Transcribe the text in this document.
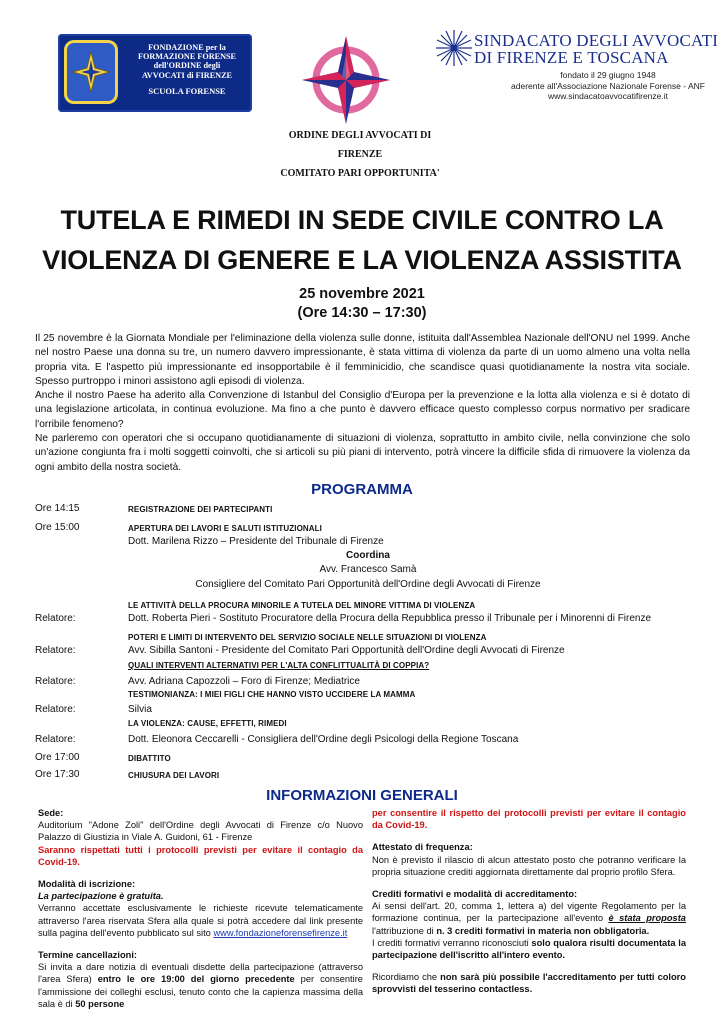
FONDAZIONE per la
FORMAZIONE FORENSE
dell'ORDINE degli
AVVOCATI di FIRENZE
SCUOLA FORENSE
SINDACATO DEGLI AVVOCATI
DI FIRENZE E TOSCANA
fondato il 29 giugno 1948
aderente all'Associazione Nazionale Forense - ANF
www.sindacatoavvocatifirenze.it
ORDINE DEGLI AVVOCATI DI
FIRENZE
COMITATO PARI OPPORTUNITA'
TUTELA E RIMEDI IN SEDE CIVILE CONTRO LA
VIOLENZA DI GENERE E LA VIOLENZA ASSISTITA
25 novembre 2021
(Ore 14:30 – 17:30)

Il 25 novembre è la Giornata Mondiale per l'eliminazione della violenza sulle donne, istituita dall'Assemblea Nazionale dell'ONU nel 1999. Anche nel nostro Paese una donna su tre, un numero davvero impressionante, è stata vittima di violenza da parte di un uomo almeno una volta nella propria vita. E l'aspetto più impressionante ed insopportabile è il femminicidio, che scandisce quasi quotidianamente la nostra vita sociale. Spesso purtroppo i minori assistono agli episodi di violenza.

Anche il nostro Paese ha aderito alla Convenzione di Istanbul del Consiglio d'Europa per la prevenzione e la lotta alla violenza e si è dotato di una legislazione articolata, in continua evoluzione. Ma fino a che punto è davvero efficace questo complesso corpus normativo per sradicare l'orribile fenomeno?

Ne parleremo con operatori che si occupano quotidianamente di situazioni di violenza, soprattutto in ambito civile, nella convinzione che solo un'azione congiunta fra i molti soggetti coinvolti, che si articoli su più piani di intervento, potrà vincere la difficile sfida di rimuovere la violenza da ogni ambito della nostra società.

PROGRAMMA
Ore 14:15	REGISTRAZIONE DEI PARTECIPANTI
Ore 15:00	APERTURA DEI LAVORI E SALUTI ISTITUZIONALI
Dott. Marilena Rizzo – Presidente del Tribunale di Firenze
Coordina
Avv. Francesco Samà
Consigliere del Comitato Pari Opportunità dell'Ordine degli Avvocati di Firenze
LE ATTIVITÀ DELLA PROCURA MINORILE A TUTELA DEL MINORE VITTIMA DI VIOLENZA
Relatore:	Dott. Roberta Pieri - Sostituto Procuratore della Procura della Repubblica presso il Tribunale per i Minorenni di Firenze
POTERI E LIMITI DI INTERVENTO DEL SERVIZIO SOCIALE NELLE SITUAZIONI DI VIOLENZA
Relatore:	Avv. Sibilla Santoni - Presidente del Comitato Pari Opportunità dell'Ordine degli Avvocati di Firenze
QUALI INTERVENTI ALTERNATIVI PER L'ALTA CONFLITTUALITÀ DI COPPIA?
Relatore:	Avv. Adriana Capozzoli – Foro di Firenze; Mediatrice
TESTIMONIANZA: I MIEI FIGLI CHE HANNO VISTO UCCIDERE LA MAMMA
Relatore:	Silvia
LA VIOLENZA: CAUSE, EFFETTI, RIMEDI
Relatore:	Dott. Eleonora Ceccarelli - Consigliera dell'Ordine degli Psicologi della Regione Toscana
Ore 17:00	DIBATTITO
Ore 17:30	CHIUSURA DEI LAVORI
INFORMAZIONI GENERALI

Sede:

Auditorium "Adone Zoli" dell'Ordine degli Avvocati di Firenze c/o Nuovo Palazzo di Giustizia in Viale A. Guidoni, 61 - Firenze

Saranno rispettati tutti i protocolli previsti per evitare il contagio da Covid-19.

Modalità di iscrizione:

La partecipazione è gratuita.

Verranno accettate esclusivamente le richieste ricevute telematicamente attraverso l'area riservata Sfera alla quale si potrà accedere dal link presente sulla pagina dell'evento pubblicato sul sito www.fondazioneforensefirenze.it

Termine cancellazioni:

Si invita a dare notizia di eventuali disdette della partecipazione (attraverso l'area Sfera) entro le ore 19:00 del giorno precedente per consentire l'ammissione dei colleghi esclusi, tenuto conto che la capienza massima della sala è di 50 persone

per consentire il rispetto dei protocolli previsti per evitare il contagio da Covid-19.

Attestato di frequenza:

Non è previsto il rilascio di alcun attestato posto che potranno verificare la propria situazione crediti aggiornata direttamente dal proprio profilo Sfera.

Crediti formativi e modalità di accreditamento:

Ai sensi dell'art. 20, comma 1, lettera a) del vigente Regolamento per la formazione continua, per la partecipazione all'evento è stata proposta l'attribuzione di n. 3 crediti formativi in materia non obbligatoria.

I crediti formativi verranno riconosciuti solo qualora risulti documentata la partecipazione dell'iscritto all'intero evento.

Ricordiamo che non sarà più possibile l'accreditamento per tutti coloro sprovvisti del tesserino contactless.
